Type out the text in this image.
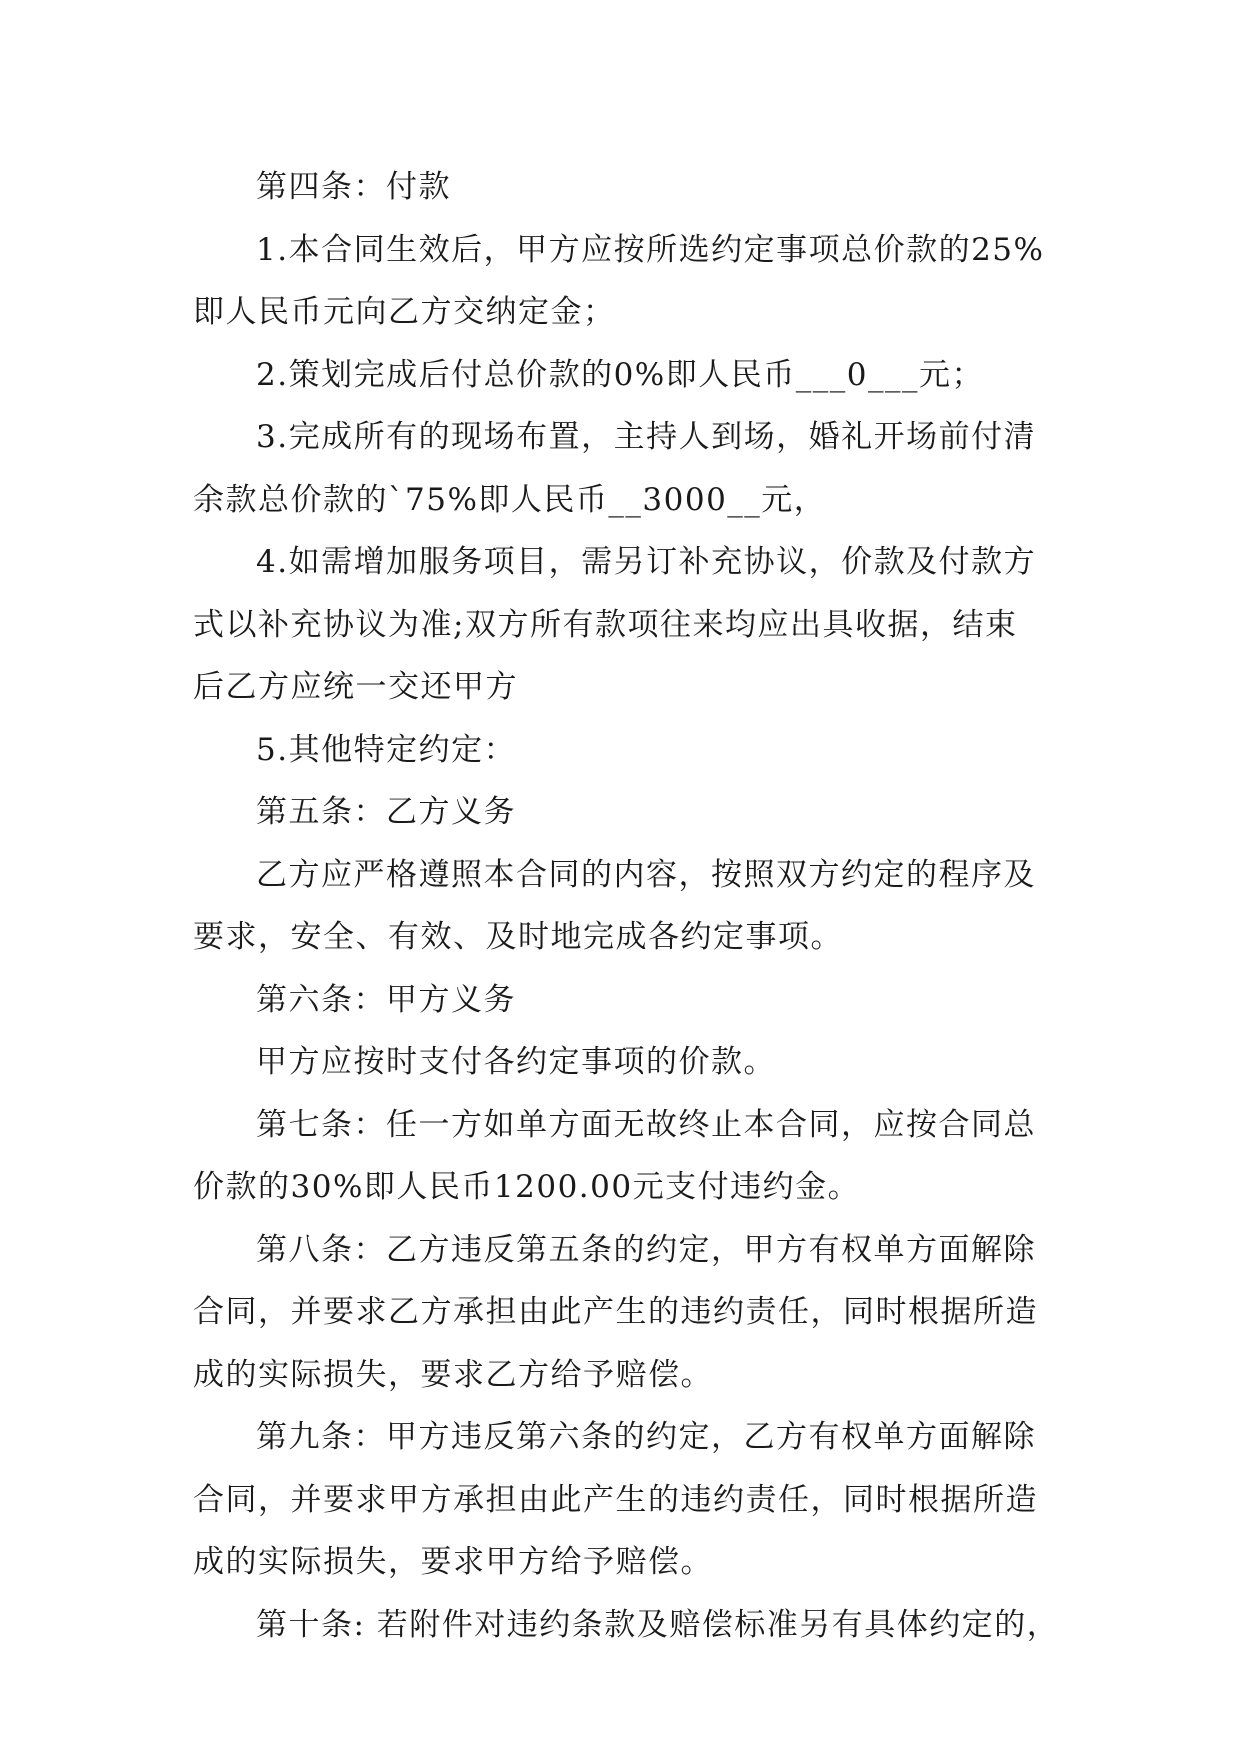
第四条：付款
1.本合同生效后，甲方应按所选约定事项总价款的25%
即人民币元向乙方交纳定金；
2.策划完成后付总价款的0%即人民币___0___元；
3.完成所有的现场布置，主持人到场，婚礼开场前付清
余款总价款的`75%即人民币__3000__元，
4.如需增加服务项目，需另订补充协议，价款及付款方
式以补充协议为准;双方所有款项往来均应出具收据，结束
后乙方应统一交还甲方
5.其他特定约定：
第五条：乙方义务
乙方应严格遵照本合同的内容，按照双方约定的程序及
要求，安全、有效、及时地完成各约定事项。
第六条：甲方义务
甲方应按时支付各约定事项的价款。
第七条：任一方如单方面无故终止本合同，应按合同总
价款的30%即人民币1200.00元支付违约金。
第八条：乙方违反第五条的约定，甲方有权单方面解除
合同，并要求乙方承担由此产生的违约责任，同时根据所造
成的实际损失，要求乙方给予赔偿。
第九条：甲方违反第六条的约定，乙方有权单方面解除
合同，并要求甲方承担由此产生的违约责任，同时根据所造
成的实际损失，要求甲方给予赔偿。
第十条: 若附件对违约条款及赔偿标准另有具体约定的，
